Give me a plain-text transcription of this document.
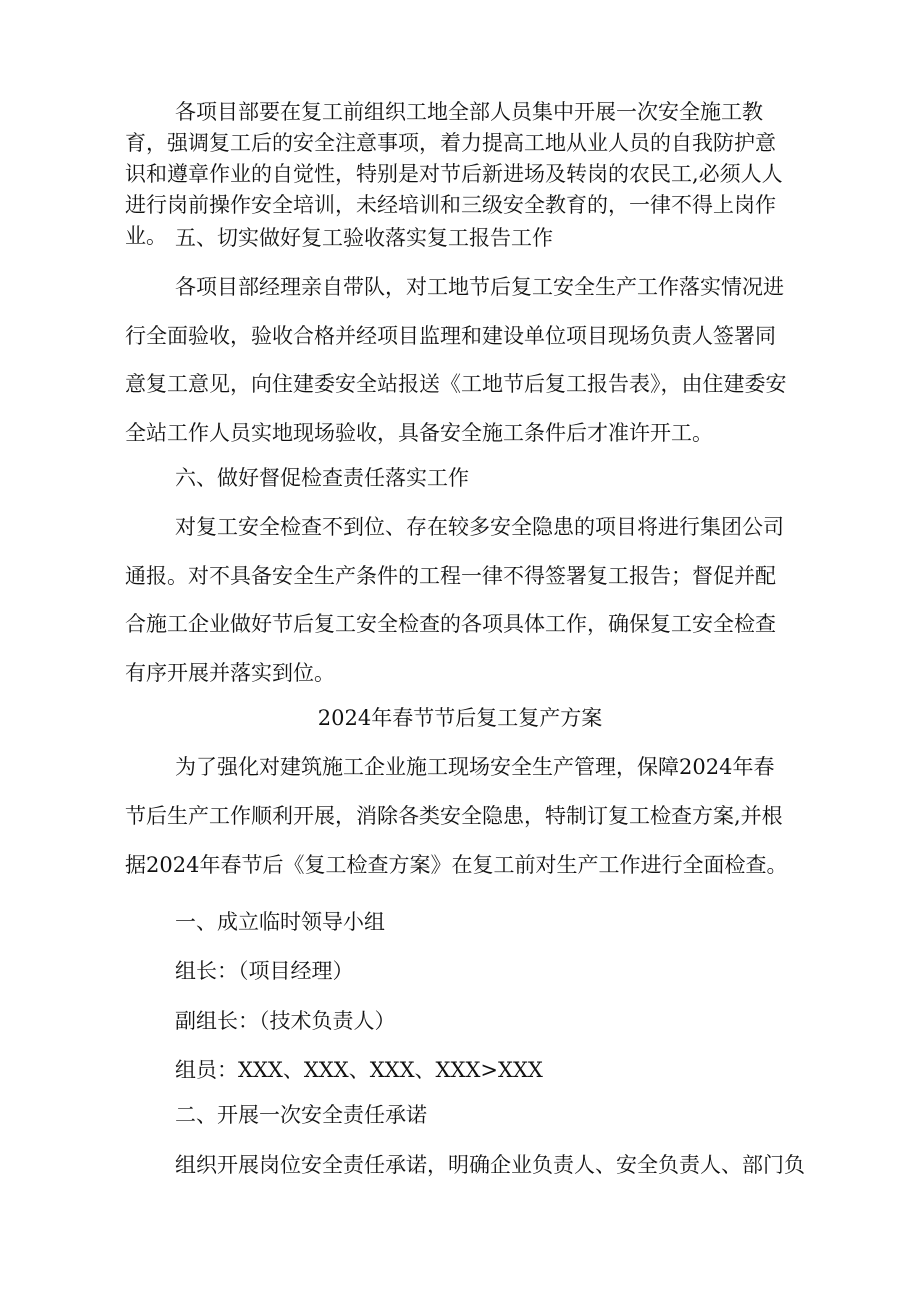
各项目部要在复工前组织工地全部人员集中开展一次安全施工教育，强调复工后的安全注意事项，着力提高工地从业人员的自我防护意识和遵章作业的自觉性，特别是对节后新进场及转岗的农民工,必须人人进行岗前操作安全培训，未经培训和三级安全教育的，一律不得上岗作业。 五、切实做好复工验收落实复工报告工作

各项目部经理亲自带队，对工地节后复工安全生产工作落实情况进行全面验收，验收合格并经项目监理和建设单位项目现场负责人签署同意复工意见，向住建委安全站报送《工地节后复工报告表》，由住建委安全站工作人员实地现场验收，具备安全施工条件后才准许开工。

六、做好督促检查责任落实工作

对复工安全检查不到位、存在较多安全隐患的项目将进行集团公司通报。对不具备安全生产条件的工程一律不得签署复工报告；督促并配合施工企业做好节后复工安全检查的各项具体工作，确保复工安全检查有序开展并落实到位。

2024年春节节后复工复产方案

为了强化对建筑施工企业施工现场安全生产管理，保障2024年春节后生产工作顺利开展，消除各类安全隐患，特制订复工检查方案,并根据2024年春节后《复工检查方案》在复工前对生产工作进行全面检查。

一、成立临时领导小组

组长：（项目经理）

副组长：（技术负责人）

组员：XXX、XXX、XXX、XXX>XXX

二、开展一次安全责任承诺

组织开展岗位安全责任承诺，明确企业负责人、安全负责人、部门负
